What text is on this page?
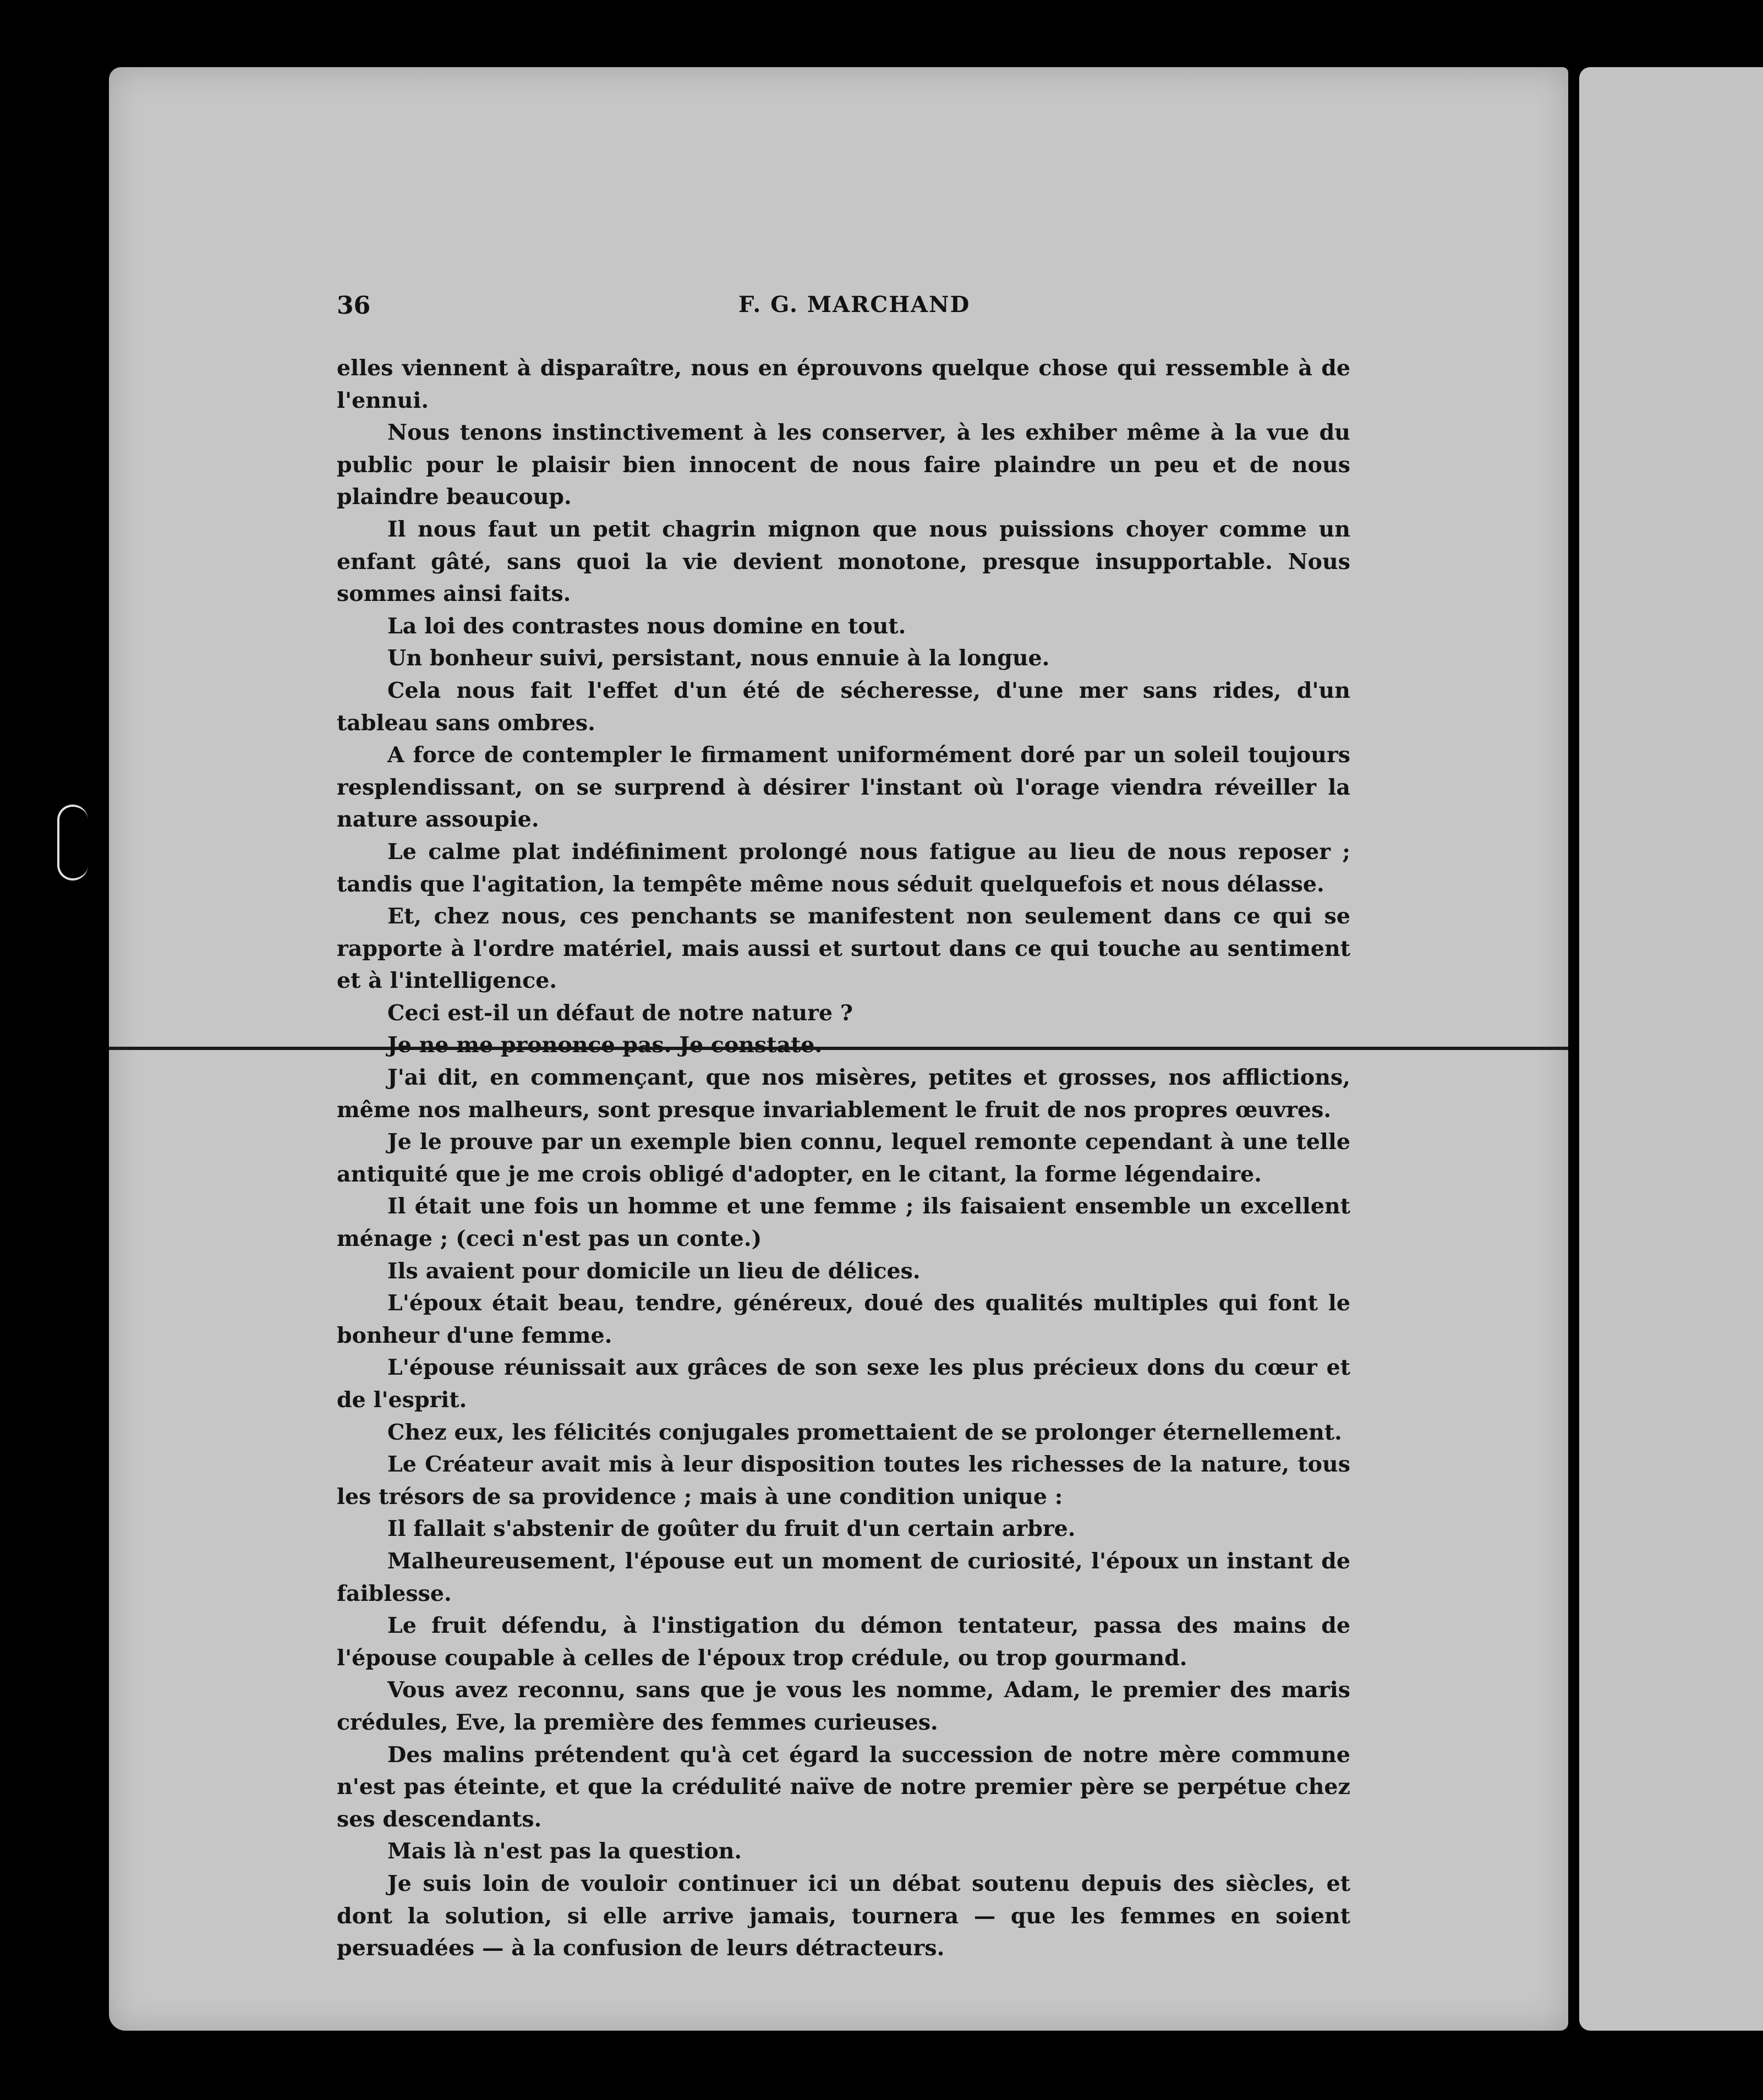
36	F. G. MARCHAND

elles viennent à disparaître, nous en éprouvons quelque chose qui ressemble à de l'ennui.

Nous tenons instinctivement à les conserver, à les exhiber même à la vue du public pour le plaisir bien innocent de nous faire plaindre un peu et de nous plaindre beaucoup.

Il nous faut un petit chagrin mignon que nous puissions choyer comme un enfant gâté, sans quoi la vie devient monotone, presque insupportable. Nous sommes ainsi faits.

La loi des contrastes nous domine en tout.

Un bonheur suivi, persistant, nous ennuie à la longue.

Cela nous fait l'effet d'un été de sécheresse, d'une mer sans rides, d'un tableau sans ombres.

A force de contempler le firmament uniformément doré par un soleil toujours resplendissant, on se surprend à désirer l'instant où l'orage viendra réveiller la nature assoupie.

Le calme plat indéfiniment prolongé nous fatigue au lieu de nous reposer ; tandis que l'agitation, la tempête même nous séduit quelquefois et nous délasse.

Et, chez nous, ces penchants se manifestent non seulement dans ce qui se rapporte à l'ordre matériel, mais aussi et surtout dans ce qui touche au sentiment et à l'intelligence.

Ceci est-il un défaut de notre nature ?

Je ne me prononce pas. Je constate.

J'ai dit, en commençant, que nos misères, petites et grosses, nos afflictions, même nos malheurs, sont presque invariablement le fruit de nos propres œuvres.

Je le prouve par un exemple bien connu, lequel remonte cependant à une telle antiquité que je me crois obligé d'adopter, en le citant, la forme légendaire.

Il était une fois un homme et une femme ; ils faisaient ensemble un excellent ménage ; (ceci n'est pas un conte.)

Ils avaient pour domicile un lieu de délices.

L'époux était beau, tendre, généreux, doué des qualités multiples qui font le bonheur d'une femme.

L'épouse réunissait aux grâces de son sexe les plus précieux dons du cœur et de l'esprit.

Chez eux, les félicités conjugales promettaient de se prolonger éternellement.

Le Créateur avait mis à leur disposition toutes les richesses de la nature, tous les trésors de sa providence ; mais à une condition unique :

Il fallait s'abstenir de goûter du fruit d'un certain arbre.

Malheureusement, l'épouse eut un moment de curiosité, l'époux un instant de faiblesse.

Le fruit défendu, à l'instigation du démon tentateur, passa des mains de l'épouse coupable à celles de l'époux trop crédule, ou trop gourmand.

Vous avez reconnu, sans que je vous les nomme, Adam, le premier des maris crédules, Eve, la première des femmes curieuses.

Des malins prétendent qu'à cet égard la succession de notre mère commune n'est pas éteinte, et que la crédulité naïve de notre premier père se perpétue chez ses descendants.

Mais là n'est pas la question.

Je suis loin de vouloir continuer ici un débat soutenu depuis des siècles, et dont la solution, si elle arrive jamais, tournera — que les femmes en soient persuadées — à la confusion de leurs détracteurs.
